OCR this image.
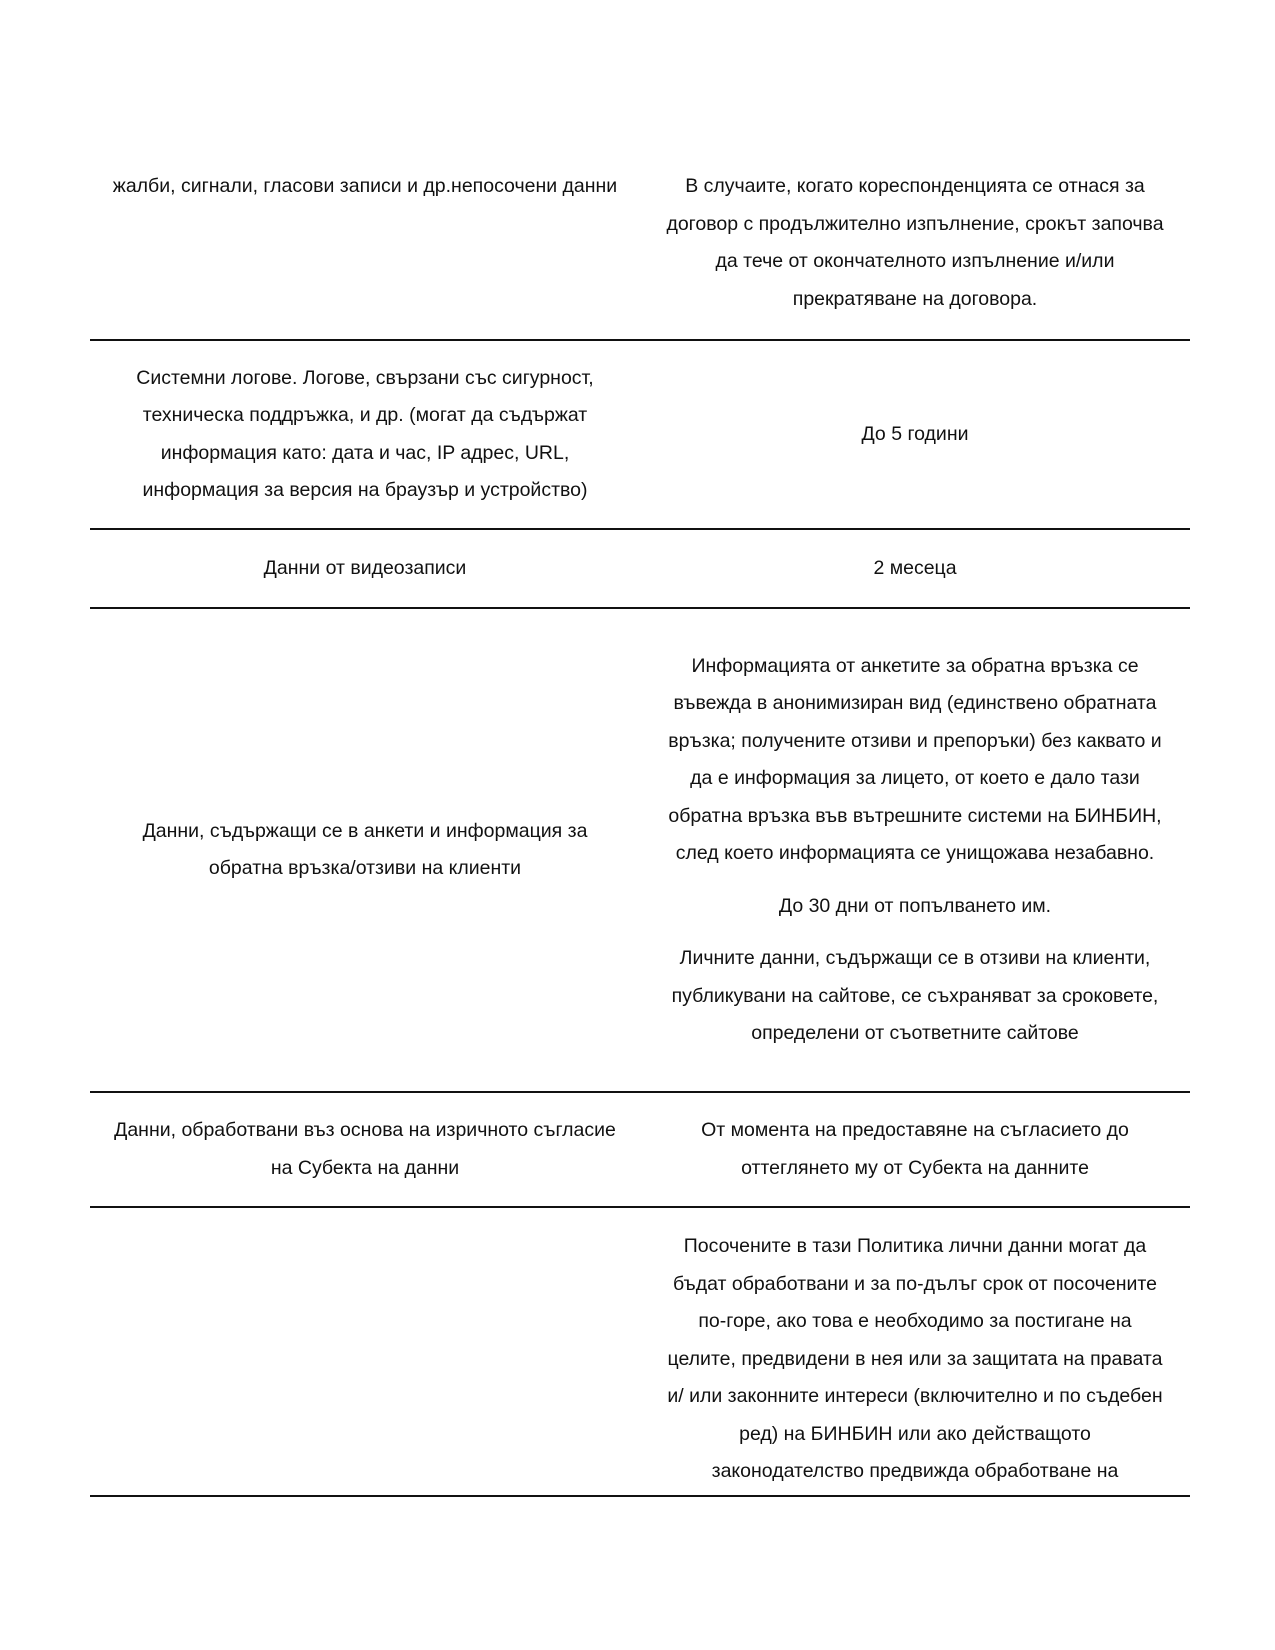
жалби, сигнали, гласови записи и др.непосочени данни	В случаите, когато кореспонденцията се отнася за договор с продължително изпълнение, срокът започва да тече от окончателното изпълнение и/или прекратяване на договора.

Системни логове. Логове, свързани със сигурност, техническа поддръжка, и др. (могат да съдържат информация като: дата и час, IP адрес, URL, информация за версия на браузър и устройство)

До 5 години

Данни от видеозаписи	2 месеца

Данни, съдържащи се в анкети и информация за обратна връзка/отзиви на клиенти

Информацията от анкетите за обратна връзка се въвежда в анонимизиран вид (единствено обратната връзка; получените отзиви и препоръки) без каквато и да е информация за лицето, от което е дало тази обратна връзка във вътрешните системи на БИНБИН, след което информацията се унищожава незабавно.

До 30 дни от попълването им.

Личните данни, съдържащи се в отзиви на клиенти, публикувани на сайтове, се съхраняват за сроковете, определени от съответните сайтове

Данни, обработвани въз основа на изричното съгласие на Субекта на данни

От момента на предоставяне на съгласието до оттеглянето му от Субекта на данните

Посочените в тази Политика лични данни могат да бъдат обработвани и за по-дълъг срок от посочените по-горе, ако това е необходимо за постигане на целите, предвидени в нея или за защитата на правата и/ или законните интереси (включително и по съдебен ред) на БИНБИН или ако действащото законодателство предвижда обработване на
